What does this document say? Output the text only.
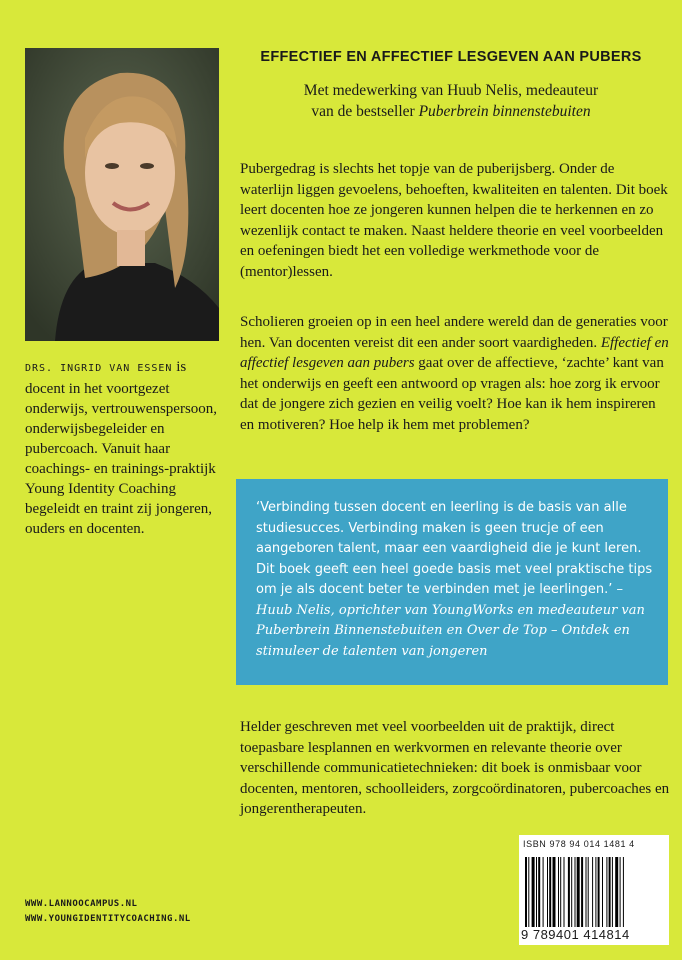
DRS. INGRID VAN ESSEN is docent in het voortgezet onderwijs, vertrouwenspersoon, onderwijsbegeleider en pubercoach. Vanuit haar coachings- en trainings-praktijk Young Identity Coaching begeleidt en traint zij jongeren, ouders en docenten.
EFFECTIEF EN AFFECTIEF LESGEVEN AAN PUBERS
Met medewerking van Huub Nelis, medeauteur
van de bestseller Puberbrein binnenstebuiten
Pubergedrag is slechts het topje van de puberijsberg. Onder de waterlijn liggen gevoelens, behoeften, kwaliteiten en talenten. Dit boek leert docenten hoe ze jongeren kunnen helpen die te herkennen en zo wezenlijk contact te maken. Naast heldere theorie en veel voorbeelden en oefeningen biedt het een volledige werkmethode voor de (mentor)lessen.
Scholieren groeien op in een heel andere wereld dan de generaties voor hen. Van docenten vereist dit een ander soort vaardigheden. Effectief en affectief lesgeven aan pubers gaat over de affectieve, ‘zachte’ kant van het onderwijs en geeft een antwoord op vragen als: hoe zorg ik ervoor dat de jongere zich gezien en veilig voelt? Hoe kan ik hem inspireren en motiveren? Hoe help ik hem met problemen?
‘Verbinding tussen docent en leerling is de basis van alle studiesucces. Verbinding maken is geen trucje of een aangeboren talent, maar een vaardigheid die je kunt leren. Dit boek geeft een heel goede basis met veel praktische tips om je als docent beter te verbinden met je leerlingen.’ – Huub Nelis, oprichter van YoungWorks en medeauteur van Puberbrein Binnenstebuiten en Over de Top – Ontdek en stimuleer de talenten van jongeren
Helder geschreven met veel voorbeelden uit de praktijk, direct toepasbare lesplannen en werkvormen en relevante theorie over verschillende communicatietechnieken: dit boek is onmisbaar voor docenten, mentoren, schoolleiders, zorgcoördinatoren, pubercoaches en jongerentherapeuten.
WWW.LANNOOCAMPUS.NL
WWW.YOUNGIDENTITYCOACHING.NL
ISBN 978 94 014 1481 4
9 789401 414814
